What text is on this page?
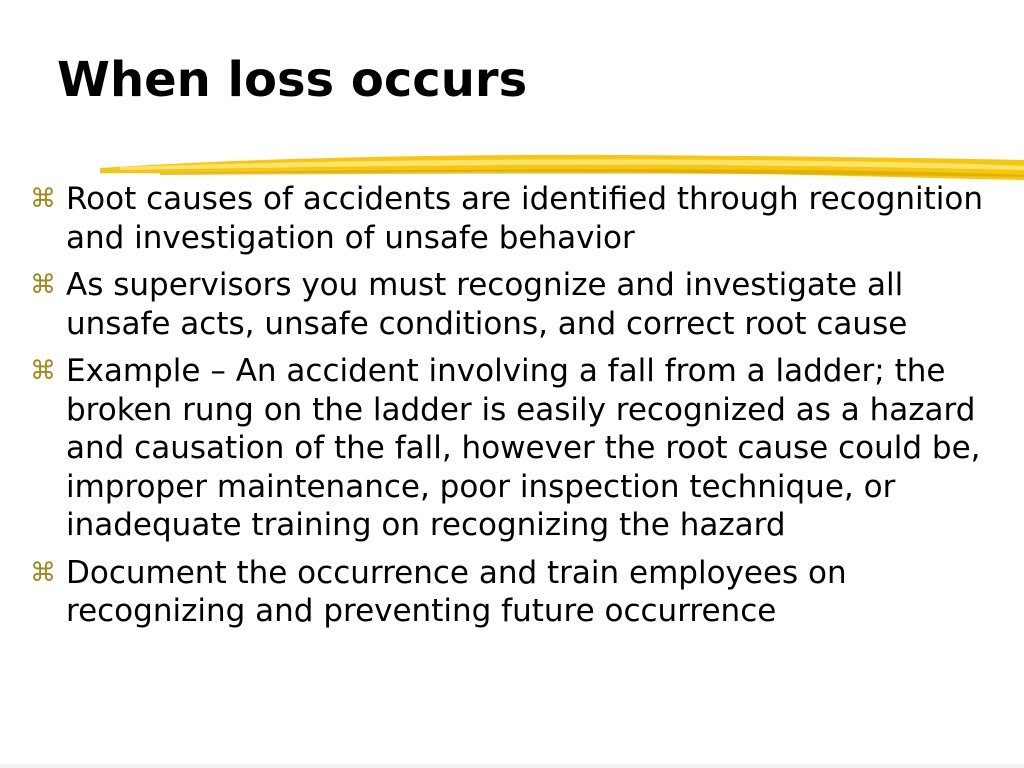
When loss occurs
⌘ Root causes of accidents are identified through recognition and investigation of unsafe behavior
⌘ As supervisors you must recognize and investigate all unsafe acts, unsafe conditions, and correct root cause
⌘ Example – An accident involving a fall from a ladder; the broken rung on the ladder is easily recognized as a hazard and causation of the fall, however the root cause could be, improper maintenance, poor inspection technique, or inadequate training on recognizing the hazard
⌘ Document the occurrence and train employees on recognizing and preventing future occurrence
